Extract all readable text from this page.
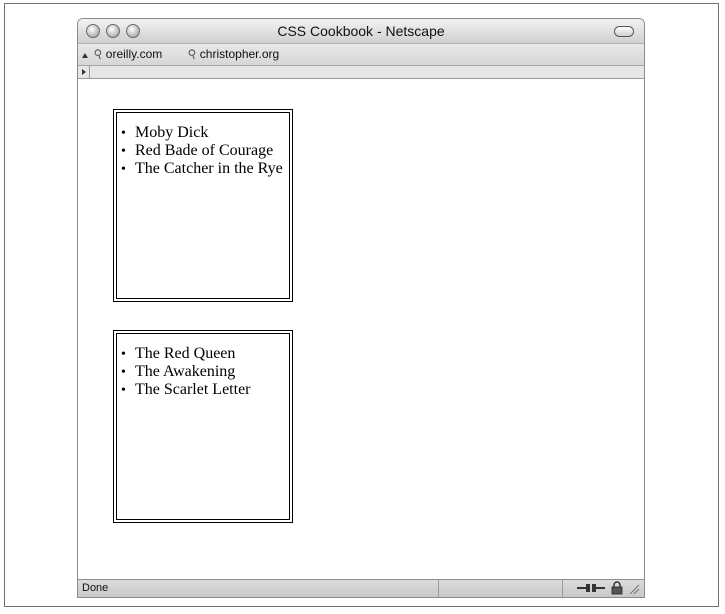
CSS Cookbook - Netscape
⚲ oreilly.com ⚲ christopher.org
• Moby Dick
• Red Bade of Courage
• The Catcher in the Rye
• The Red Queen
• The Awakening
• The Scarlet Letter
Done
